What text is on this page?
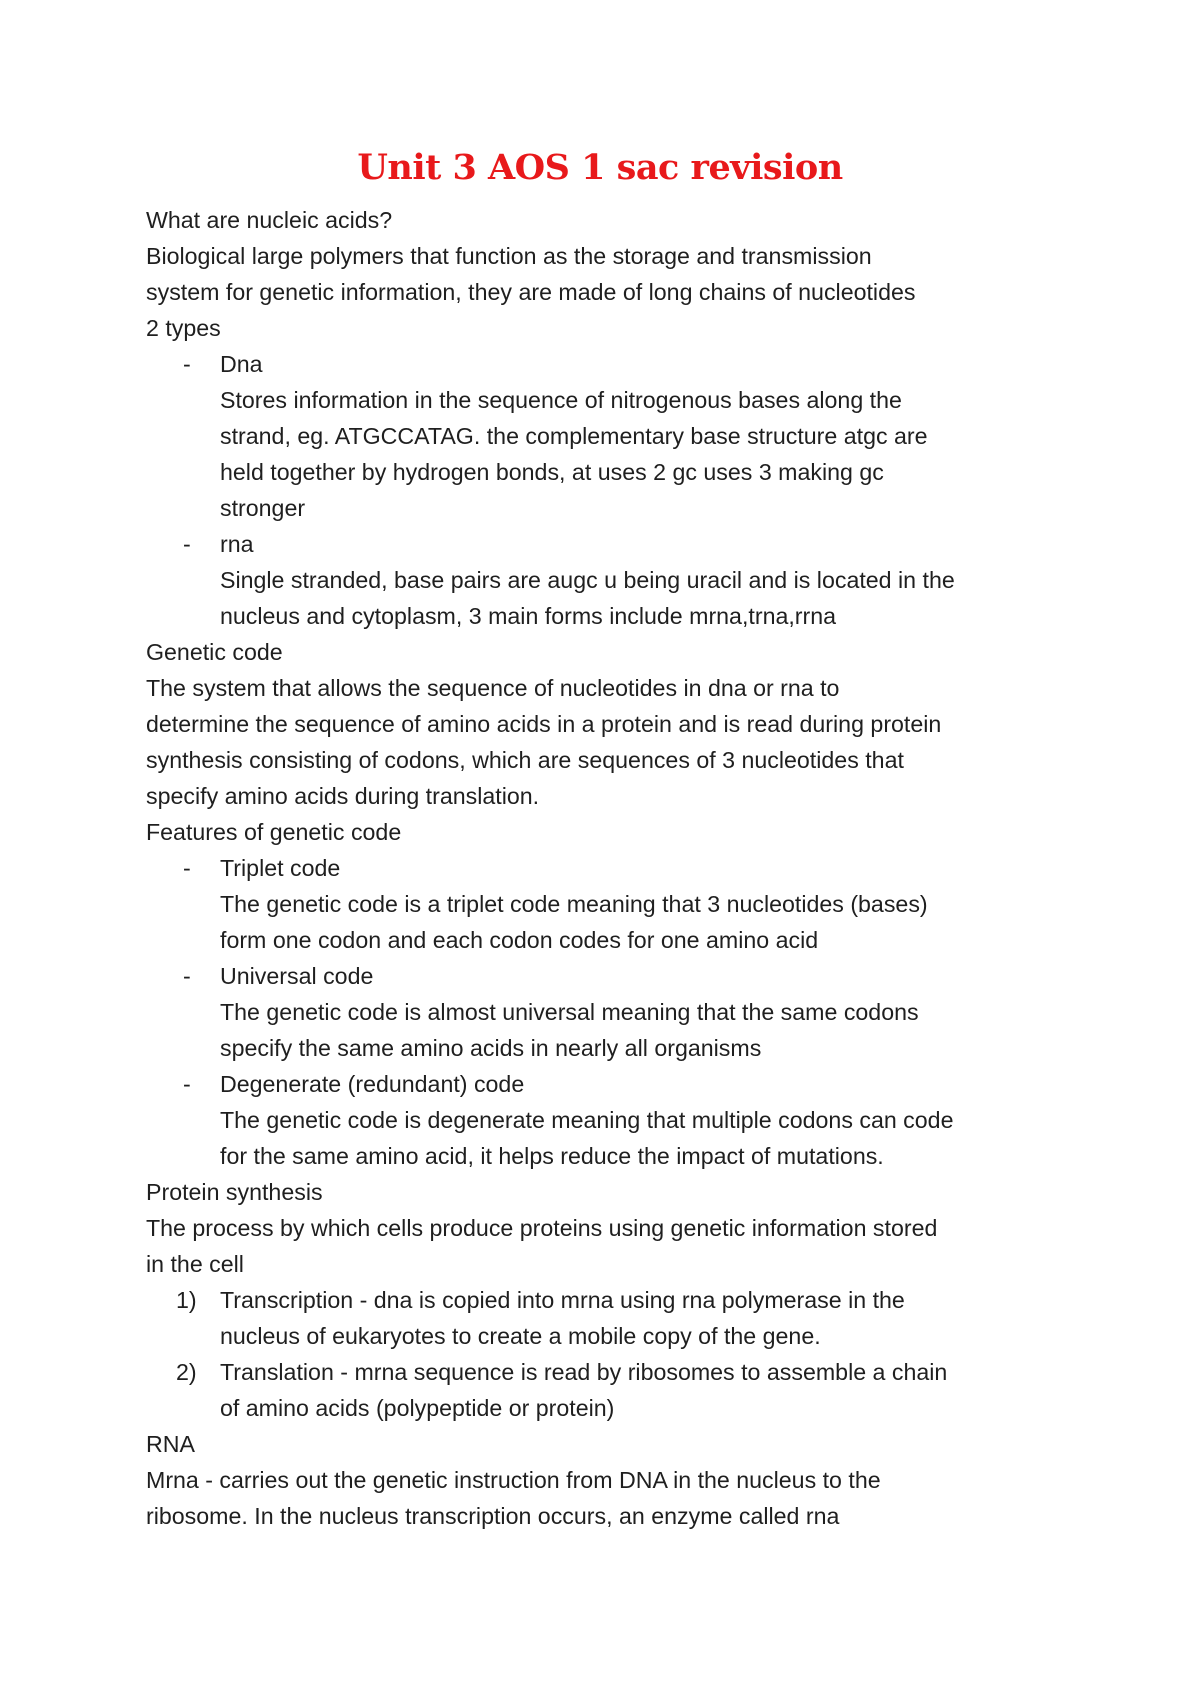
Unit 3 AOS 1 sac revision

What are nucleic acids?

Biological large polymers that function as the storage and transmission

system for genetic information, they are made of long chains of nucleotides

2 types

- Dna

Stores information in the sequence of nitrogenous bases along the

strand, eg. ATGCCATAG. the complementary base structure atgc are

held together by hydrogen bonds, at uses 2 gc uses 3 making gc

stronger

- rna

Single stranded, base pairs are augc u being uracil and is located in the

nucleus and cytoplasm, 3 main forms include mrna,trna,rrna

Genetic code

The system that allows the sequence of nucleotides in dna or rna to

determine the sequence of amino acids in a protein and is read during protein

synthesis consisting of codons, which are sequences of 3 nucleotides that

specify amino acids during translation.

Features of genetic code

- Triplet code

The genetic code is a triplet code meaning that 3 nucleotides (bases)

form one codon and each codon codes for one amino acid

- Universal code

The genetic code is almost universal meaning that the same codons

specify the same amino acids in nearly all organisms

- Degenerate (redundant) code

The genetic code is degenerate meaning that multiple codons can code

for the same amino acid, it helps reduce the impact of mutations.

Protein synthesis

The process by which cells produce proteins using genetic information stored

in the cell

1) Transcription - dna is copied into mrna using rna polymerase in the

nucleus of eukaryotes to create a mobile copy of the gene.

2) Translation - mrna sequence is read by ribosomes to assemble a chain

of amino acids (polypeptide or protein)

RNA

Mrna - carries out the genetic instruction from DNA in the nucleus to the

ribosome. In the nucleus transcription occurs, an enzyme called rna
